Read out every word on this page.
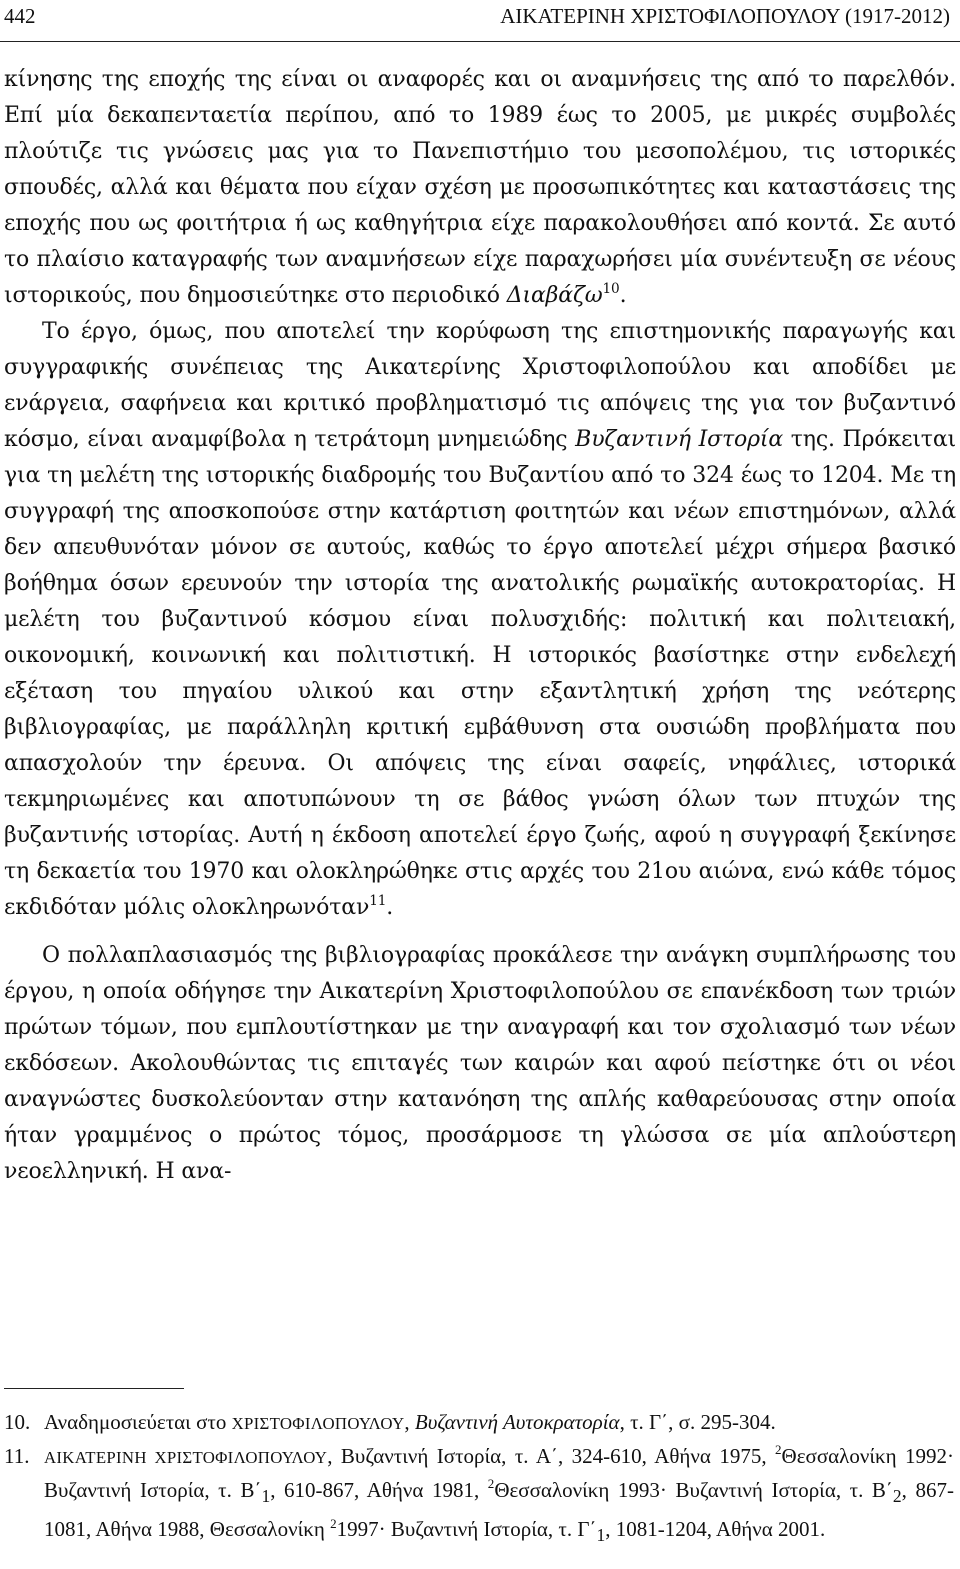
442	ΑΙΚΑΤΕΡΙΝΗ ΧΡΙΣΤΟΦΙΛΟΠΟΥΛΟΥ (1917-2012)

κίνησης της εποχής της είναι οι αναφορές και οι αναμνήσεις της από το παρελθόν. Επί μία δεκαπενταετία περίπου, από το 1989 έως το 2005, με μικρές συμβολές πλούτιζε τις γνώσεις μας για το Πανεπιστήμιο του μεσοπολέμου, τις ιστορικές σπουδές, αλλά και θέματα που είχαν σχέση με προσωπικότητες και καταστάσεις της εποχής που ως φοιτήτρια ή ως καθηγήτρια είχε παρακολουθήσει από κοντά. Σε αυτό το πλαίσιο καταγραφής των αναμνήσεων είχε παραχωρήσει μία συνέντευξη σε νέους ιστορικούς, που δημοσιεύτηκε στο περιοδικό Διαβάζω$^{10}$.

Το έργο, όμως, που αποτελεί την κορύφωση της επιστημονικής παραγωγής και συγγραφικής συνέπειας της Αικατερίνης Χριστοφιλοπούλου και αποδίδει με ενάργεια, σαφήνεια και κριτικό προβληματισμό τις απόψεις της για τον βυζαντινό κόσμο, είναι αναμφίβολα η τετράτομη μνημειώδης Βυζαντινή Ιστορία της. Πρόκειται για τη μελέτη της ιστορικής διαδρομής του Βυζαντίου από το 324 έως το 1204. Με τη συγγραφή της αποσκοπούσε στην κατάρτιση φοιτητών και νέων επιστημόνων, αλλά δεν απευθυνόταν μόνον σε αυτούς, καθώς το έργο αποτελεί μέχρι σήμερα βασικό βοήθημα όσων ερευνούν την ιστορία της ανατολικής ρωμαϊκής αυτοκρατορίας. Η μελέτη του βυζαντινού κόσμου είναι πολυσχιδής: πολιτική και πολιτειακή, οικονομική, κοινωνική και πολιτιστική. Η ιστορικός βασίστηκε στην ενδελεχή εξέταση του πηγαίου υλικού και στην εξαντλητική χρήση της νεότερης βιβλιογραφίας, με παράλληλη κριτική εμβάθυνση στα ουσιώδη προβλήματα που απασχολούν την έρευνα. Οι απόψεις της είναι σαφείς, νηφάλιες, ιστορικά τεκμηριωμένες και αποτυπώνουν τη σε βάθος γνώση όλων των πτυχών της βυζαντινής ιστορίας. Αυτή η έκδοση αποτελεί έργο ζωής, αφού η συγγραφή ξεκίνησε τη δεκαετία του 1970 και ολοκληρώθηκε στις αρχές του 21ου αιώνα, ενώ κάθε τόμος εκδιδόταν μόλις ολοκληρωνόταν$^{11}$.

Ο πολλαπλασιασμός της βιβλιογραφίας προκάλεσε την ανάγκη συμπλήρωσης του έργου, η οποία οδήγησε την Αικατερίνη Χριστοφιλοπούλου σε επανέκδοση των τριών πρώτων τόμων, που εμπλουτίστηκαν με την αναγραφή και τον σχολιασμό των νέων εκδόσεων. Ακολουθώντας τις επιταγές των καιρών και αφού πείστηκε ότι οι νέοι αναγνώστες δυσκολεύονταν στην κατανόηση της απλής καθαρεύουσας στην οποία ήταν γραμμένος ο πρώτος τόμος, προσάρμοσε τη γλώσσα σε μία απλούστερη νεοελληνική. Η ανα-

10. Αναδημοσιεύεται στο ΧΡΙΣΤΟΦΙΛΟΠΟΥΛΟΥ, Βυζαντινή Αυτοκρατορία, τ. Γ΄, σ. 295-304.
11. ΑΙΚΑΤΕΡΙΝΗ ΧΡΙΣΤΟΦΙΛΟΠΟΥΛΟΥ, Βυζαντινή Ιστορία, τ. Α΄, 324-610, Αθήνα 1975, $^2$Θεσσαλονίκη 1992· Βυζαντινή Ιστορία, τ. $B΄_1$, 610-867, Αθήνα 1981, $^2$Θεσσαλονίκη 1993· Βυζαντινή Ιστορία, τ. $B΄_2$, 867-1081, Αθήνα 1988, Θεσσαλονίκη $^2$1997· Βυζαντινή Ιστορία, τ. $\Gamma΄_1$, 1081-1204, Αθήνα 2001.
